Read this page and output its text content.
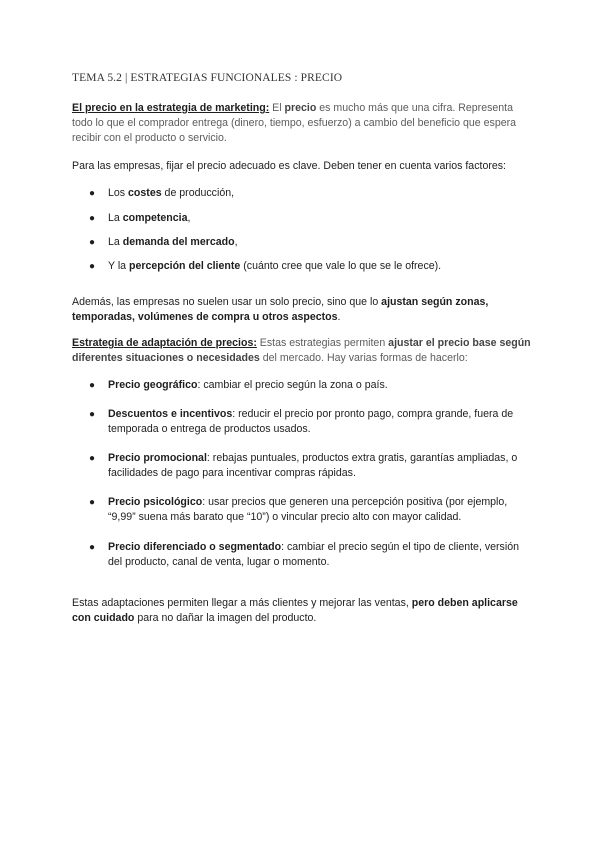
TEMA 5.2 | ESTRATEGIAS FUNCIONALES : PRECIO
El precio en la estrategia de marketing: El precio es mucho más que una cifra. Representa todo lo que el comprador entrega (dinero, tiempo, esfuerzo) a cambio del beneficio que espera recibir con el producto o servicio.
Para las empresas, fijar el precio adecuado es clave. Deben tener en cuenta varios factores:
● Los costes de producción,
● La competencia,
● La demanda del mercado,
● Y la percepción del cliente (cuánto cree que vale lo que se le ofrece).
Además, las empresas no suelen usar un solo precio, sino que lo ajustan según zonas, temporadas, volúmenes de compra u otros aspectos.
Estrategia de adaptación de precios: Estas estrategias permiten ajustar el precio base según diferentes situaciones o necesidades del mercado. Hay varias formas de hacerlo:
● Precio geográfico: cambiar el precio según la zona o país.
● Descuentos e incentivos: reducir el precio por pronto pago, compra grande, fuera de temporada o entrega de productos usados.
● Precio promocional: rebajas puntuales, productos extra gratis, garantías ampliadas, o facilidades de pago para incentivar compras rápidas.
● Precio psicológico: usar precios que generen una percepción positiva (por ejemplo, “9,99” suena más barato que “10”) o vincular precio alto con mayor calidad.
● Precio diferenciado o segmentado: cambiar el precio según el tipo de cliente, versión del producto, canal de venta, lugar o momento.
Estas adaptaciones permiten llegar a más clientes y mejorar las ventas, pero deben aplicarse con cuidado para no dañar la imagen del producto.
